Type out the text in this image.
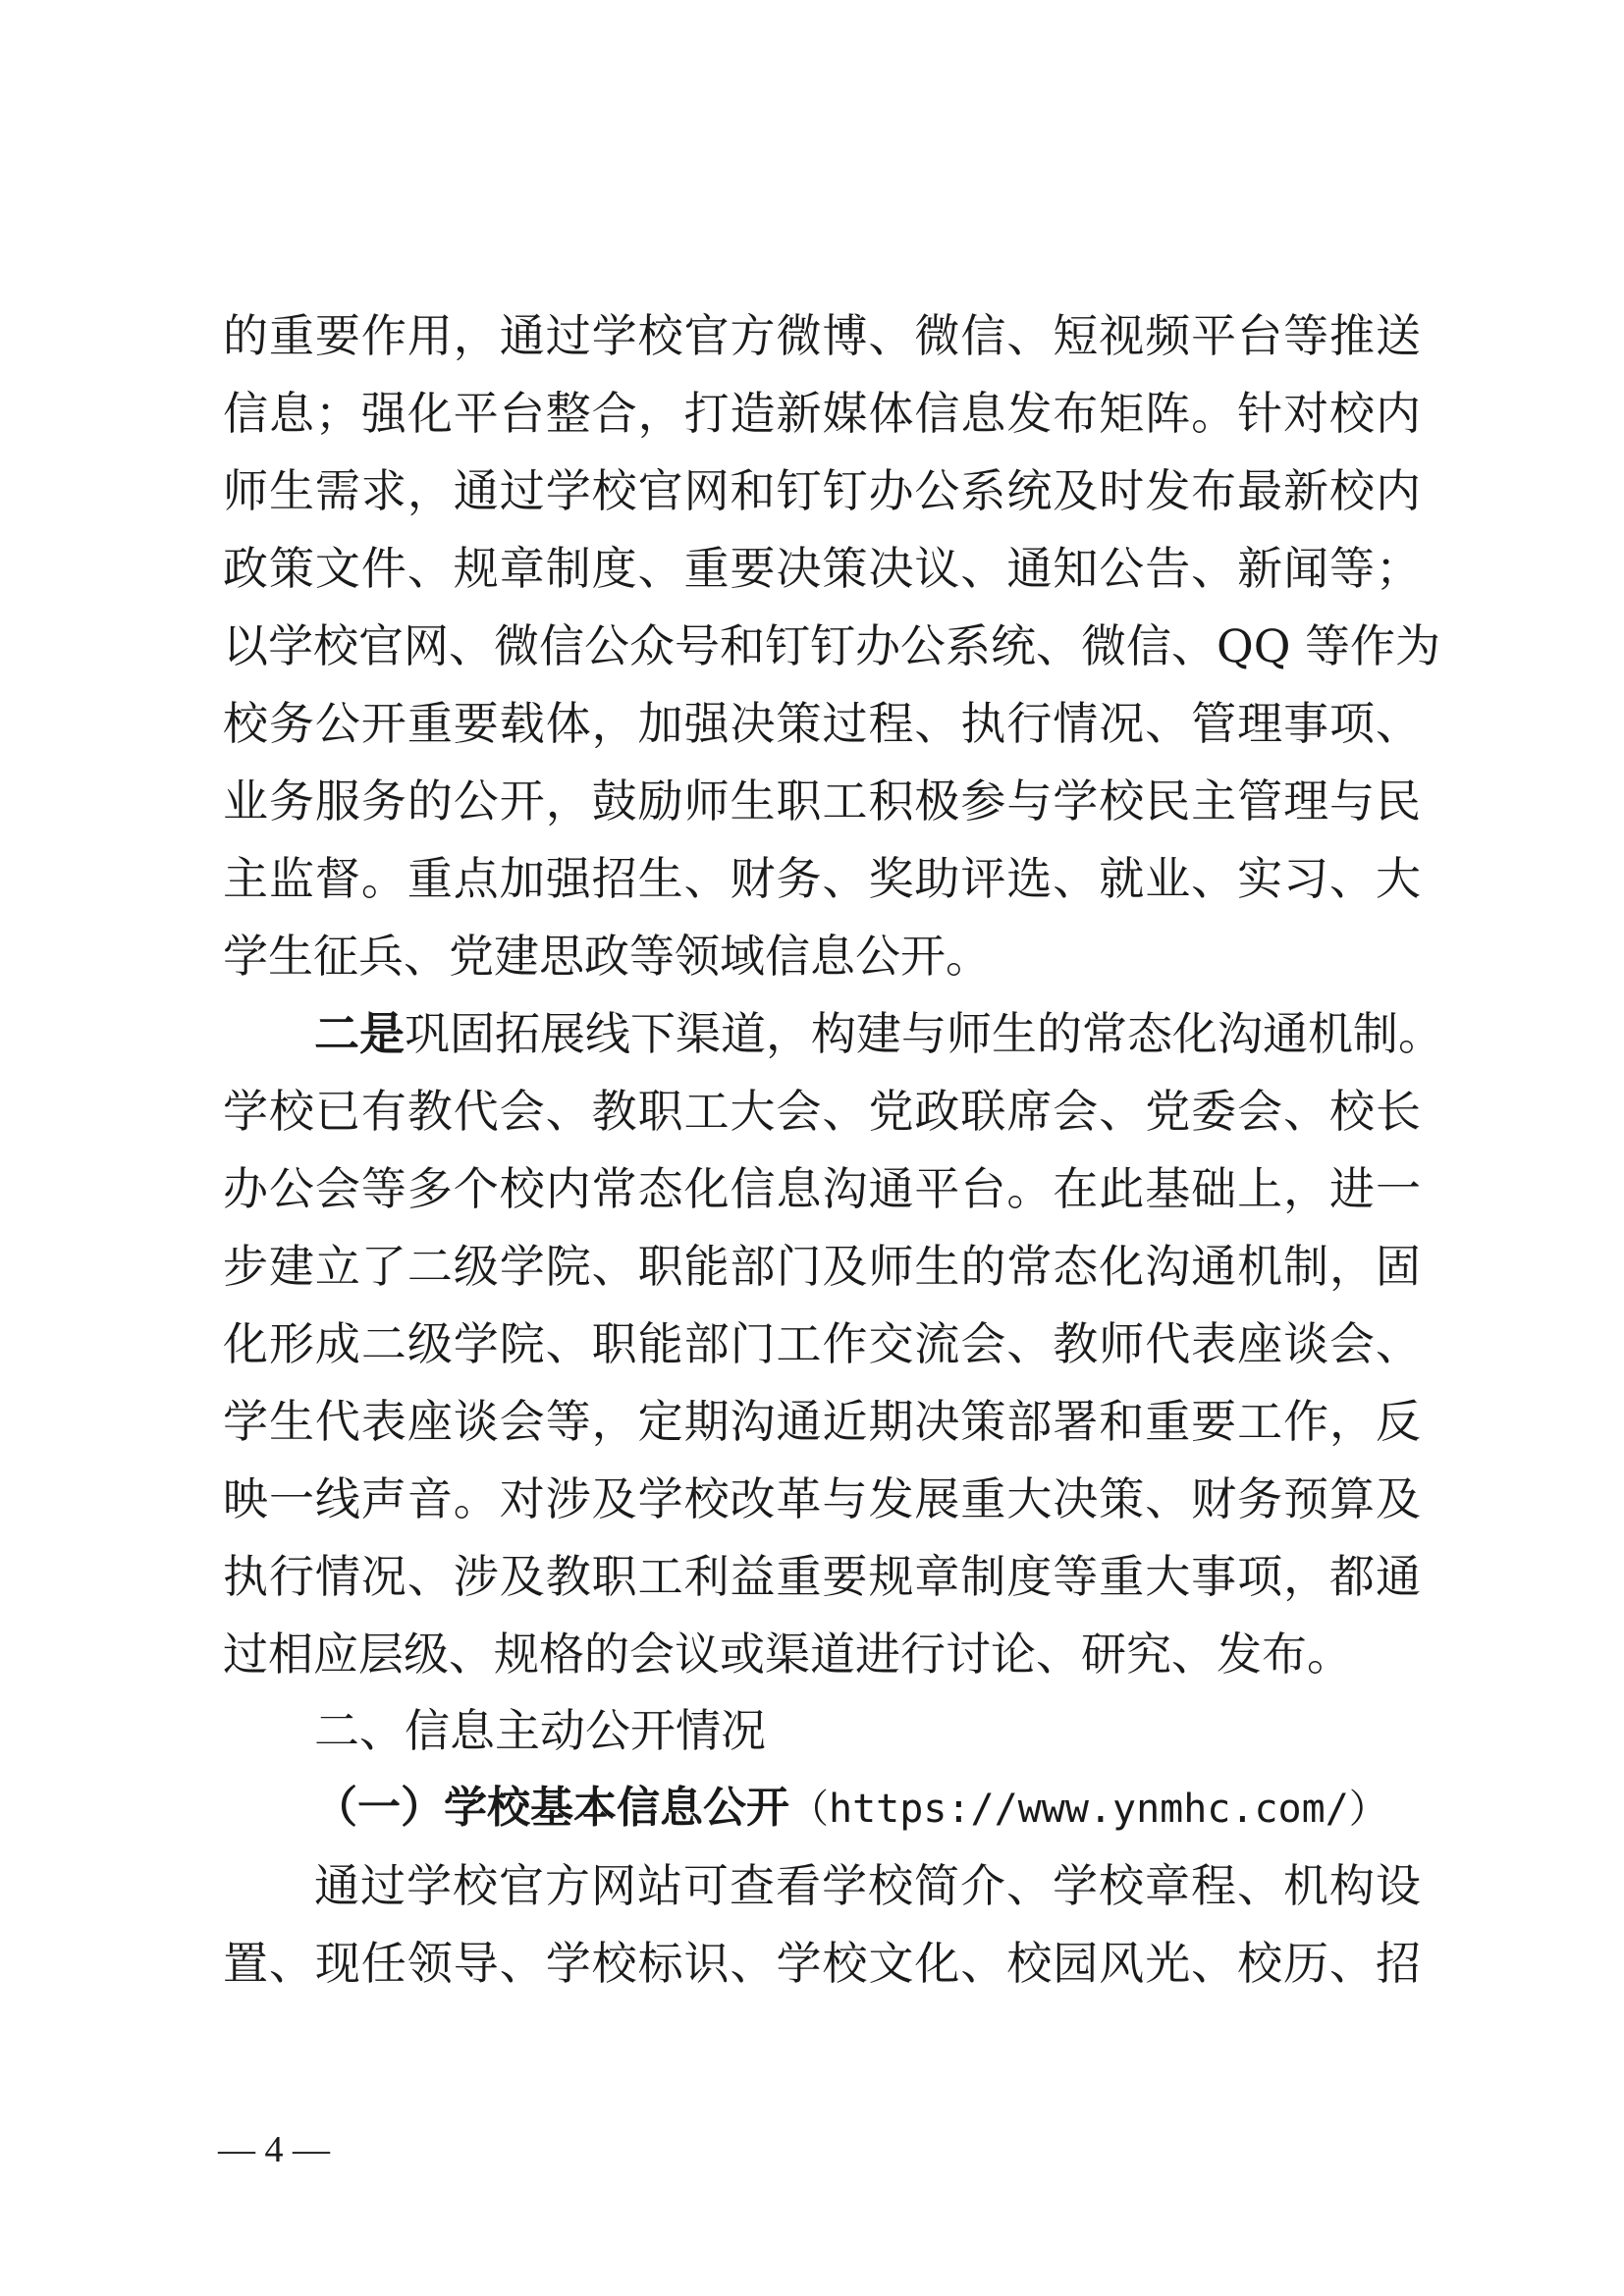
的重要作用，通过学校官方微博、微信、短视频平台等推送
信息；强化平台整合，打造新媒体信息发布矩阵。针对校内
师生需求，通过学校官网和钉钉办公系统及时发布最新校内
政策文件、规章制度、重要决策决议、通知公告、新闻等；
以学校官网、微信公众号和钉钉办公系统、微信、QQ 等作为
校务公开重要载体，加强决策过程、执行情况、管理事项、
业务服务的公开，鼓励师生职工积极参与学校民主管理与民
主监督。重点加强招生、财务、奖助评选、就业、实习、大
学生征兵、党建思政等领域信息公开。
二是巩固拓展线下渠道，构建与师生的常态化沟通机制。
学校已有教代会、教职工大会、党政联席会、党委会、校长
办公会等多个校内常态化信息沟通平台。在此基础上，进一
步建立了二级学院、职能部门及师生的常态化沟通机制，固
化形成二级学院、职能部门工作交流会、教师代表座谈会、
学生代表座谈会等，定期沟通近期决策部署和重要工作，反
映一线声音。对涉及学校改革与发展重大决策、财务预算及
执行情况、涉及教职工利益重要规章制度等重大事项，都通
过相应层级、规格的会议或渠道进行讨论、研究、发布。
二、信息主动公开情况
（一）学校基本信息公开（https://www.ynmhc.com/）
通过学校官方网站可查看学校简介、学校章程、机构设
置、现任领导、学校标识、学校文化、校园风光、校历、招
— 4 —
